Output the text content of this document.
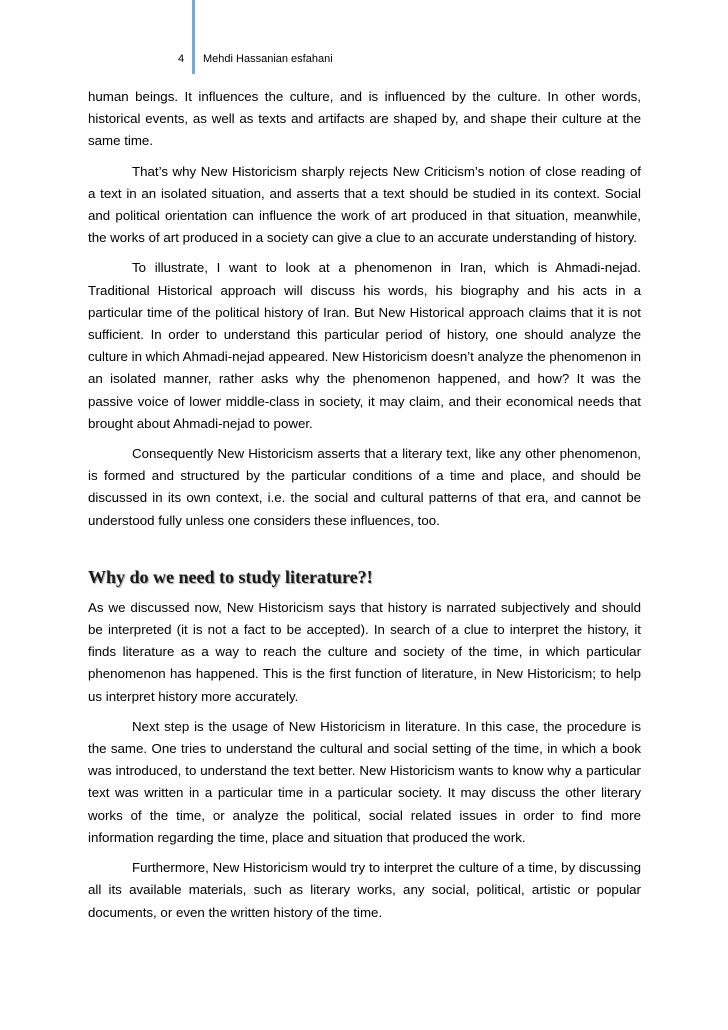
4 Mehdi Hassanian esfahani

human beings. It influences the culture, and is influenced by the culture. In other words, historical events, as well as texts and artifacts are shaped by, and shape their culture at the same time.

That’s why New Historicism sharply rejects New Criticism’s notion of close reading of a text in an isolated situation, and asserts that a text should be studied in its context. Social and political orientation can influence the work of art produced in that situation, meanwhile, the works of art produced in a society can give a clue to an accurate understanding of history.

To illustrate, I want to look at a phenomenon in Iran, which is Ahmadi-nejad. Traditional Historical approach will discuss his words, his biography and his acts in a particular time of the political history of Iran. But New Historical approach claims that it is not sufficient. In order to understand this particular period of history, one should analyze the culture in which Ahmadi-nejad appeared. New Historicism doesn’t analyze the phenomenon in an isolated manner, rather asks why the phenomenon happened, and how? It was the passive voice of lower middle-class in society, it may claim, and their economical needs that brought about Ahmadi-nejad to power.

Consequently New Historicism asserts that a literary text, like any other phenomenon, is formed and structured by the particular conditions of a time and place, and should be discussed in its own context, i.e. the social and cultural patterns of that era, and cannot be understood fully unless one considers these influences, too.

Why do we need to study literature?!

As we discussed now, New Historicism says that history is narrated subjectively and should be interpreted (it is not a fact to be accepted). In search of a clue to interpret the history, it finds literature as a way to reach the culture and society of the time, in which particular phenomenon has happened. This is the first function of literature, in New Historicism; to help us interpret history more accurately.

Next step is the usage of New Historicism in literature. In this case, the procedure is the same. One tries to understand the cultural and social setting of the time, in which a book was introduced, to understand the text better. New Historicism wants to know why a particular text was written in a particular time in a particular society. It may discuss the other literary works of the time, or analyze the political, social related issues in order to find more information regarding the time, place and situation that produced the work.

Furthermore, New Historicism would try to interpret the culture of a time, by discussing all its available materials, such as literary works, any social, political, artistic or popular documents, or even the written history of the time.
